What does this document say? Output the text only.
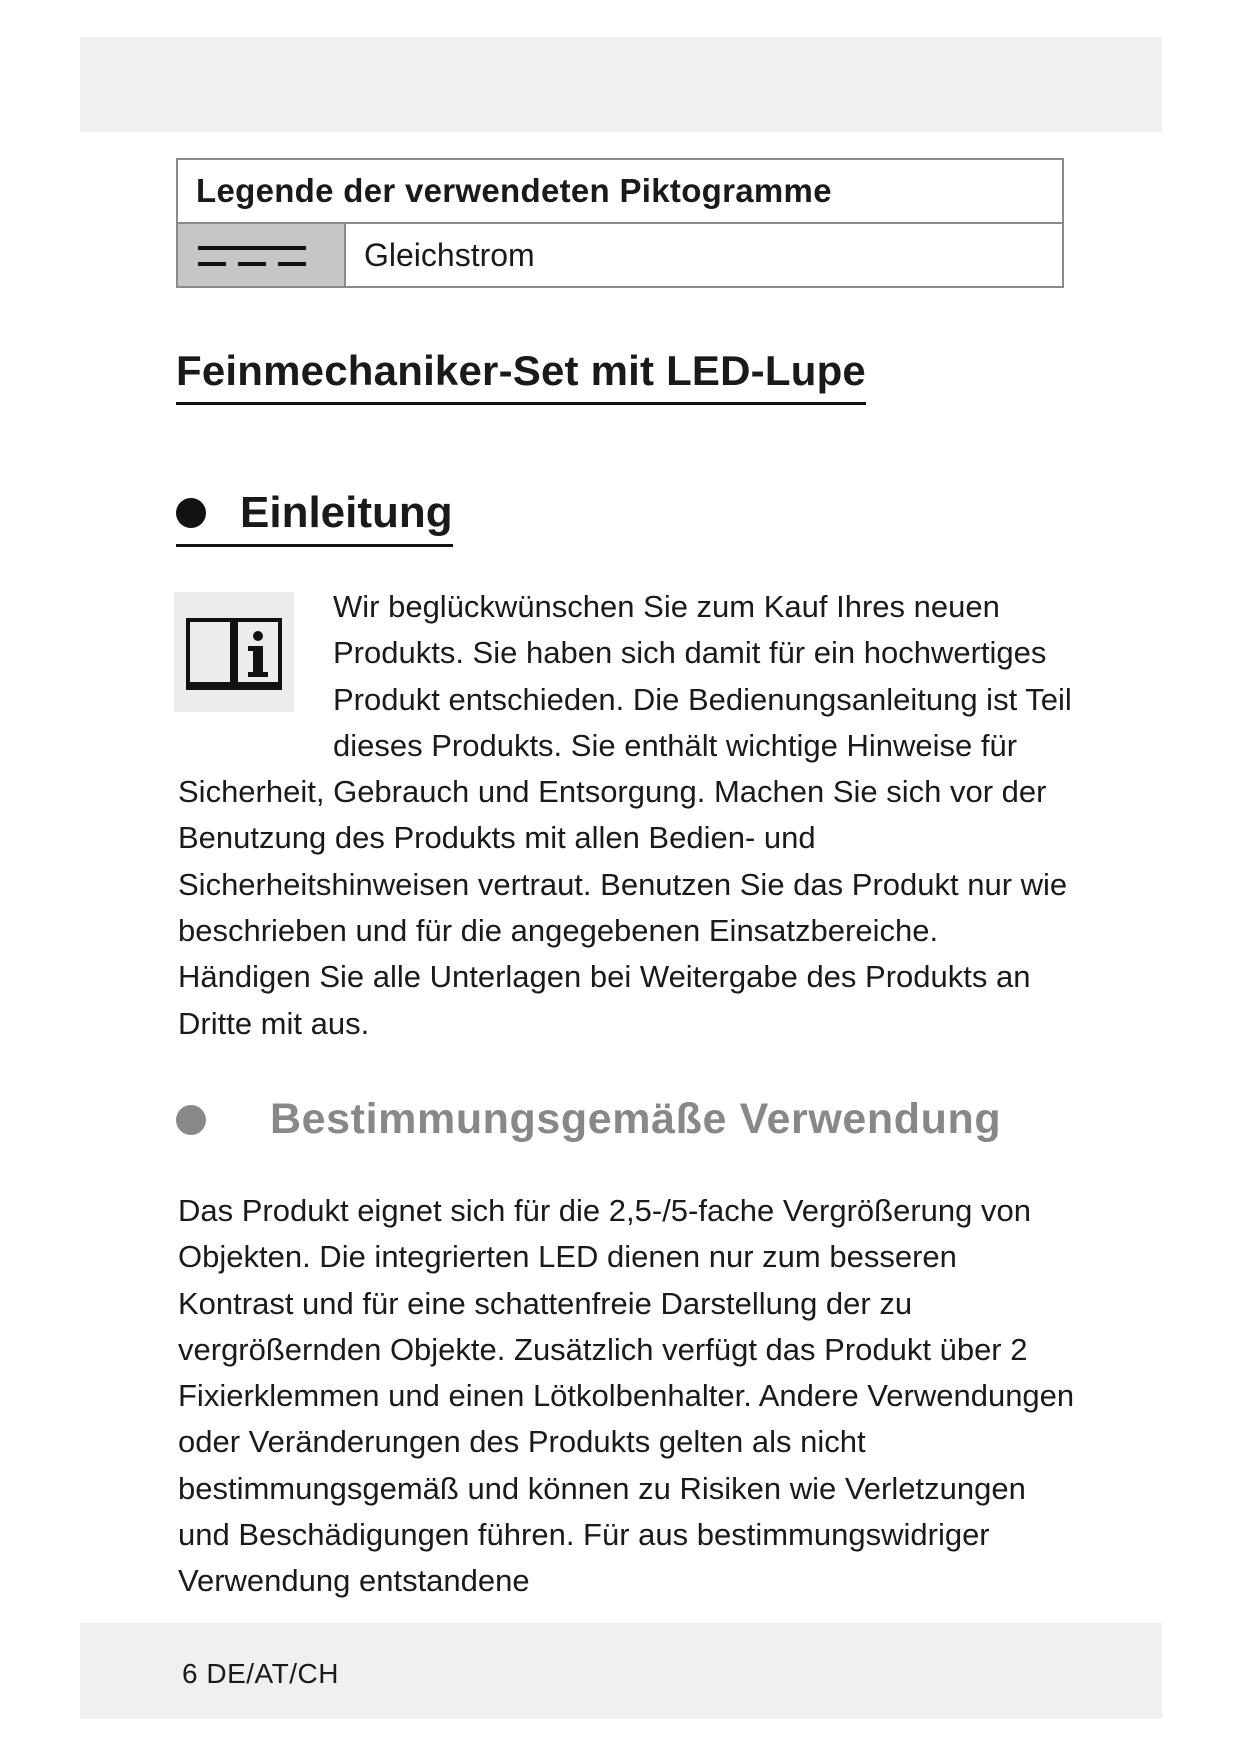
Legende der verwendeten Piktogramme
Gleichstrom
Feinmechaniker-Set mit LED-Lupe
Einleitung

Wir beglückwünschen Sie zum Kauf Ihres neuen Produkts. Sie haben sich damit für ein hochwertiges Produkt entschieden. Die Bedienungsanleitung ist Teil dieses Produkts. Sie enthält wichtige Hinweise für Sicherheit, Gebrauch und Entsorgung. Machen Sie sich vor der Benutzung des Produkts mit allen Bedien- und Sicherheitshinweisen vertraut. Benutzen Sie das Produkt nur wie beschrieben und für die angegebenen Einsatzbereiche. Händigen Sie alle Unterlagen bei Weitergabe des Produkts an Dritte mit aus.

Bestimmungsgemäße Verwendung

Das Produkt eignet sich für die 2,5-/5-fache Vergrößerung von Objekten. Die integrierten LED dienen nur zum besseren Kontrast und für eine schattenfreie Darstellung der zu vergrößernden Objekte. Zusätzlich verfügt das Produkt über 2 Fixierklemmen und einen Lötkolbenhalter. Andere Verwendungen oder Veränderungen des Produkts gelten als nicht bestimmungsgemäß und können zu Risiken wie Verletzungen und Beschädigungen führen. Für aus bestimmungswidriger Verwendung entstandene

6 DE/AT/CH
